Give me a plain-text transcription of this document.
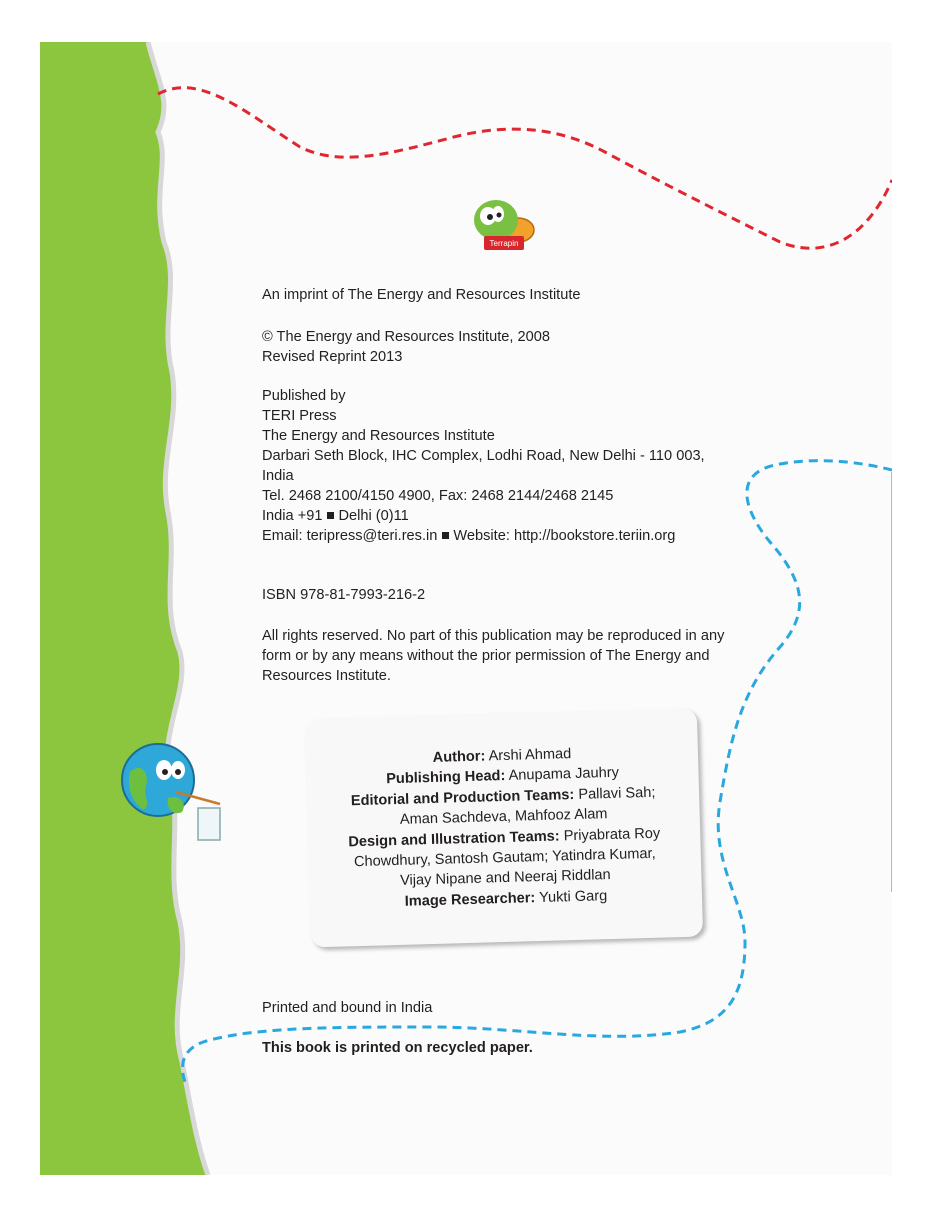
Terrapin

An imprint of The Energy and Resources Institute

© The Energy and Resources Institute, 2008

Revised Reprint 2013

Published by

TERI Press

The Energy and Resources Institute

Darbari Seth Block, IHC Complex, Lodhi Road, New Delhi - 110 003,

India

Tel. 2468 2100/4150 4900, Fax: 2468 2144/2468 2145

India +91 Delhi (0)11

Email: teripress@teri.res.in Website: http://bookstore.teriin.org

ISBN 978-81-7993-216-2

All rights reserved. No part of this publication may be reproduced in any

form or by any means without the prior permission of The Energy and

Resources Institute.

Author: Arshi Ahmad

Publishing Head: Anupama Jauhry

Editorial and Production Teams: Pallavi Sah;

Aman Sachdeva, Mahfooz Alam

Design and Illustration Teams: Priyabrata Roy

Chowdhury, Santosh Gautam; Yatindra Kumar,

Vijay Nipane and Neeraj Riddlan

Image Researcher: Yukti Garg

Printed and bound in India

This book is printed on recycled paper.
